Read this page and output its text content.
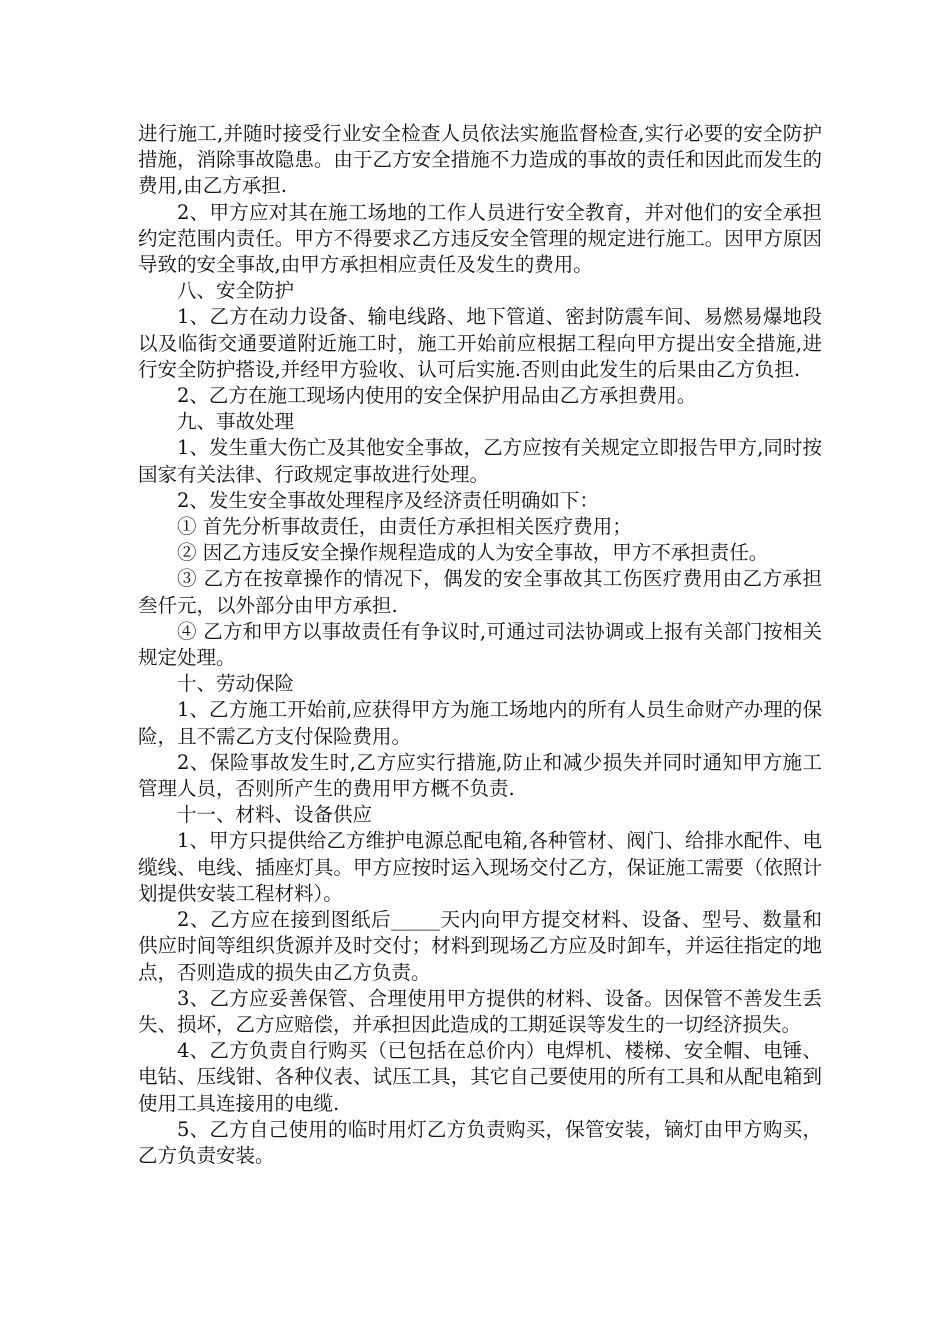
进行施工,并随时接受行业安全检查人员依法实施监督检查,实行必要的安全防护措施，消除事故隐患。由于乙方安全措施不力造成的事故的责任和因此而发生的费用,由乙方承担.

2、甲方应对其在施工场地的工作人员进行安全教育，并对他们的安全承担约定范围内责任。甲方不得要求乙方违反安全管理的规定进行施工。因甲方原因导致的安全事故,由甲方承担相应责任及发生的费用。

八、安全防护

1、乙方在动力设备、输电线路、地下管道、密封防震车间、易燃易爆地段以及临街交通要道附近施工时，施工开始前应根据工程向甲方提出安全措施,进行安全防护搭设,并经甲方验收、认可后实施.否则由此发生的后果由乙方负担.

2、乙方在施工现场内使用的安全保护用品由乙方承担费用。

九、事故处理

1、发生重大伤亡及其他安全事故，乙方应按有关规定立即报告甲方,同时按国家有关法律、行政规定事故进行处理。

2、发生安全事故处理程序及经济责任明确如下：

① 首先分析事故责任，由责任方承担相关医疗费用；

② 因乙方违反安全操作规程造成的人为安全事故，甲方不承担责任。

③ 乙方在按章操作的情况下，偶发的安全事故其工伤医疗费用由乙方承担叁仟元，以外部分由甲方承担.

④ 乙方和甲方以事故责任有争议时,可通过司法协调或上报有关部门按相关规定处理。

十、劳动保险

1、乙方施工开始前,应获得甲方为施工场地内的所有人员生命财产办理的保险，且不需乙方支付保险费用。

2、保险事故发生时,乙方应实行措施,防止和减少损失并同时通知甲方施工管理人员，否则所产生的费用甲方概不负责.

十一、材料、设备供应

1、甲方只提供给乙方维护电源总配电箱,各种管材、阀门、给排水配件、电缆线、电线、插座灯具。甲方应按时运入现场交付乙方，保证施工需要（依照计划提供安装工程材料）。

2、乙方应在接到图纸后_____天内向甲方提交材料、设备、型号、数量和供应时间等组织货源并及时交付；材料到现场乙方应及时卸车，并运往指定的地点，否则造成的损失由乙方负责。

3、乙方应妥善保管、合理使用甲方提供的材料、设备。因保管不善发生丢失、损坏，乙方应赔偿，并承担因此造成的工期延误等发生的一切经济损失。

4、乙方负责自行购买（已包括在总价内）电焊机、楼梯、安全帽、电锤、电钻、压线钳、各种仪表、试压工具，其它自己要使用的所有工具和从配电箱到使用工具连接用的电缆.

5、乙方自己使用的临时用灯乙方负责购买，保管安装，镝灯由甲方购买，乙方负责安装。
